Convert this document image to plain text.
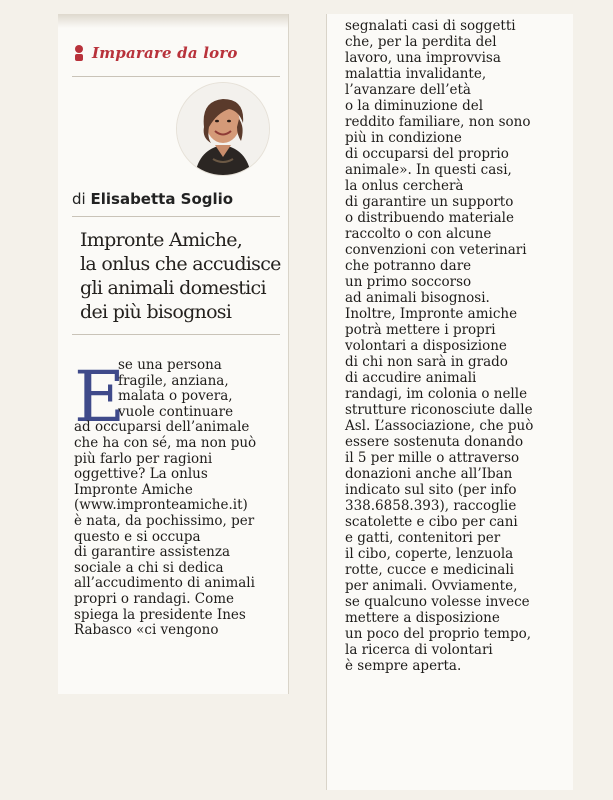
Imparare da loro
di Elisabetta Soglio
Impronte Amiche,
la onlus che accudisce
gli animali domestici
dei più bisognosi
E
se una persona
fragile, anziana,
malata o povera,
vuole continuare
ad occuparsi dell’animale
che ha con sé, ma non può
più farlo per ragioni
oggettive? La onlus
Impronte Amiche
(www.impronteamiche.it)
è nata, da pochissimo, per
questo e si occupa
di garantire assistenza
sociale a chi si dedica
all’accudimento di animali
propri o randagi. Come
spiega la presidente Ines
Rabasco «ci vengono
segnalati casi di soggetti
che, per la perdita del
lavoro, una improvvisa
malattia invalidante,
l’avanzare dell’età
o la diminuzione del
reddito familiare, non sono
più in condizione
di occuparsi del proprio
animale». In questi casi,
la onlus cercherà
di garantire un supporto
o distribuendo materiale
raccolto o con alcune
convenzioni con veterinari
che potranno dare
un primo soccorso
ad animali bisognosi.
Inoltre, Impronte amiche
potrà mettere i propri
volontari a disposizione
di chi non sarà in grado
di accudire animali
randagi, im colonia o nelle
strutture riconosciute dalle
Asl. L’associazione, che può
essere sostenuta donando
il 5 per mille o attraverso
donazioni anche all’Iban
indicato sul sito (per info
338.6858.393), raccoglie
scatolette e cibo per cani
e gatti, contenitori per
il cibo, coperte, lenzuola
rotte, cucce e medicinali
per animali. Ovviamente,
se qualcuno volesse invece
mettere a disposizione
un poco del proprio tempo,
la ricerca di volontari
è sempre aperta.
